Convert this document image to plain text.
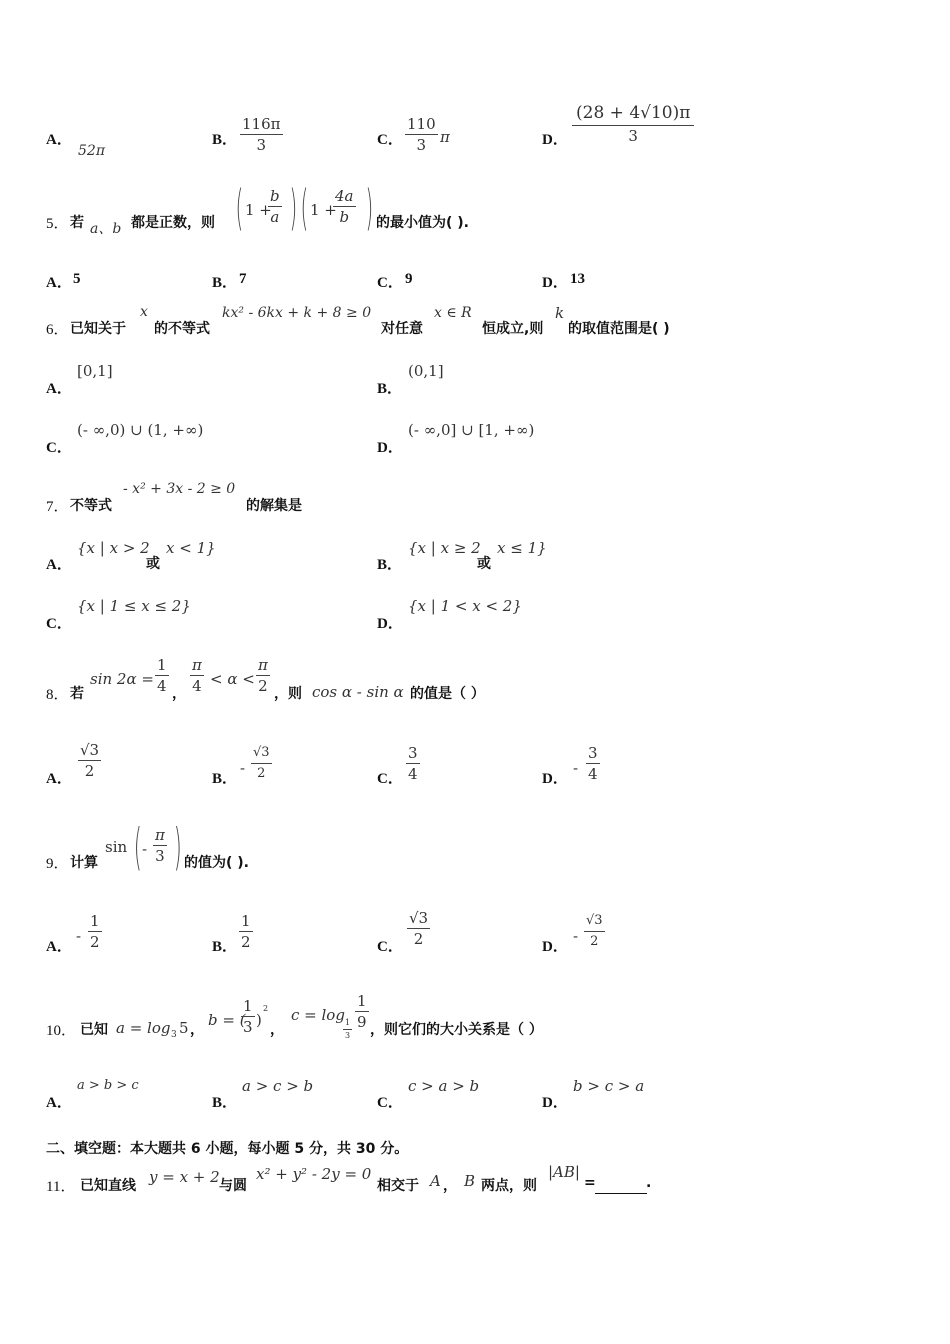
A．
52π
B． $\frac{116\pi}{3}$	C． $\frac{110}{3}$ π	D． $\frac{(28 + 4√10)\pi}{3}$
5． 若 a、b 都是正数，则 ( 1 +
$\frac{b}{a}$ ) ( 1 +
$\frac{4a}{b}$ ) 的最小值为( ).
A． 5	B． 7	C． 9	D． 13
6． 已知关于
x
的不等式
kx² - 6kx + k + 8 ≥ 0
对任意
x ∈ R
恒成立,则
k
的取值范围是( )
A．
[0,1]
B．
(0,1]
C．
(- ∞,0) ∪ (1, +∞)
D．
(- ∞,0] ∪ [1, +∞)
7． 不等式
- x² + 3x - 2 ≥ 0
的解集是
A．
{x | x > 2
或
x < 1}
B．
{x | x ≥ 2
或
x ≤ 1}
C．
{x | 1 ≤ x ≤ 2}
D．
{x | 1 < x < 2}
8． 若
$\sin 2\alpha = \frac{1}{4}$ ， $\frac{\pi}{4} < \alpha < \frac{\pi}{2}$ ，则 cos α - sin α 的值是（ ）
A． $\frac{√3}{2}$	B．
- $\frac{√3}{2}$	C． $\frac{3}{4}$	D．
- $\frac{3}{4}$
9． 计算
sin ( - $\frac{\pi}{3}$ ) 的值为( ).
A．
- $\frac{1}{2}$	B． $\frac{1}{2}$	C． $\frac{√3}{2}$	D．
- $\frac{√3}{2}$
10． 已知 a = log 3 5 ，
b = (
$\frac{1}{3}$ )
2
，
c = log
$\frac{1}{3} \frac{1}{9}$ ，则它们的大小关系是（ ）
A．
a > b > c
B．
a > c > b
C．
c > a > b
D．
b > c > a
二、填空题：本大题共 6 小题，每小题 5 分，共 30 分。
11． 已知直线 y = x + 2 与圆
x² + y² - 2y = 0
相交于 A ， B 两点，则
|AB|
=	.
